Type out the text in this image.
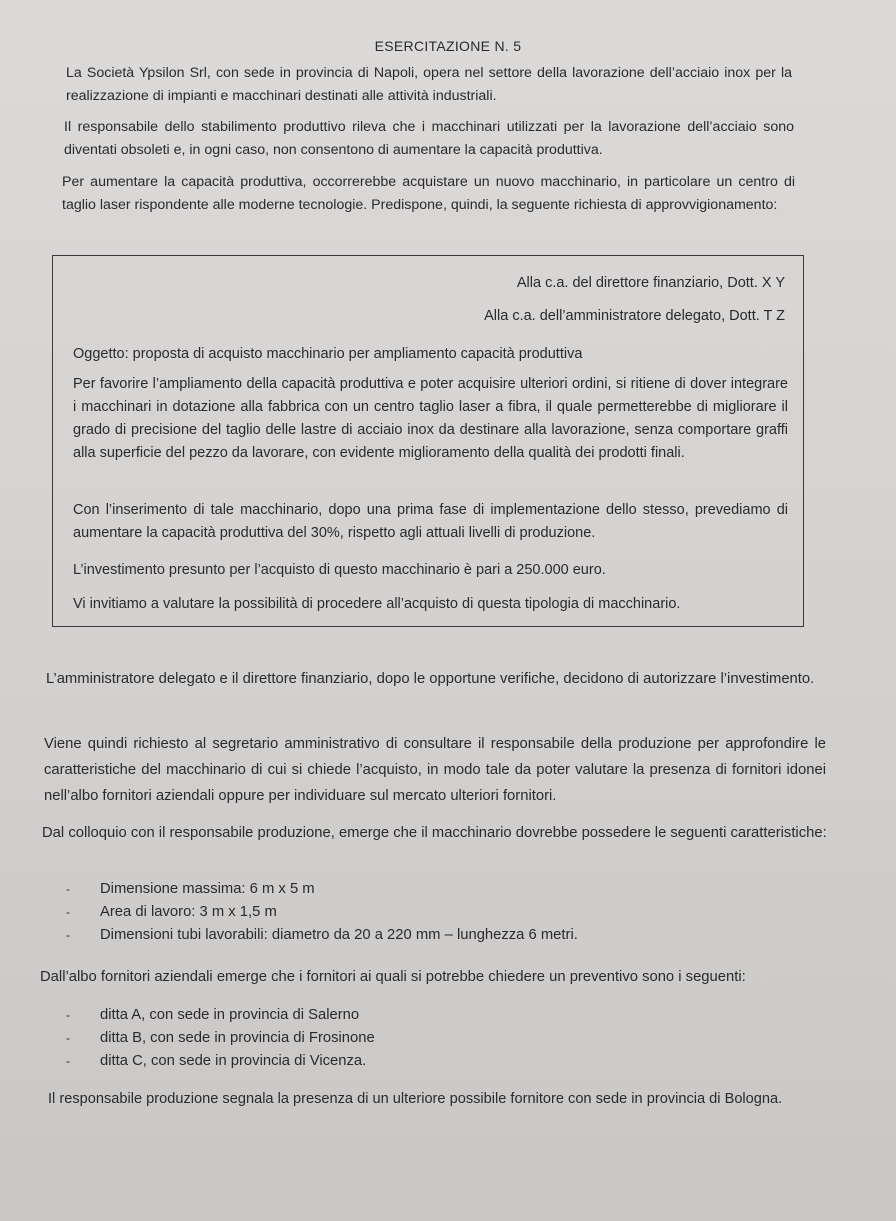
ESERCITAZIONE N. 5

La Società Ypsilon Srl, con sede in provincia di Napoli, opera nel settore della lavorazione dell’acciaio inox per la realizzazione di impianti e macchinari destinati alle attività industriali.

Il responsabile dello stabilimento produttivo rileva che i macchinari utilizzati per la lavorazione dell’acciaio sono diventati obsoleti e, in ogni caso, non consentono di aumentare la capacità produttiva.

Per aumentare la capacità produttiva, occorrerebbe acquistare un nuovo macchinario, in particolare un centro di taglio laser rispondente alle moderne tecnologie. Predispone, quindi, la seguente richiesta di approvvigionamento:

Alla c.a. del direttore finanziario, Dott. X Y
Alla c.a. dell’amministratore delegato, Dott. T Z
Oggetto: proposta di acquisto macchinario per ampliamento capacità produttiva

Per favorire l’ampliamento della capacità produttiva e poter acquisire ulteriori ordini, si ritiene di dover integrare i macchinari in dotazione alla fabbrica con un centro taglio laser a fibra, il quale permetterebbe di migliorare il grado di precisione del taglio delle lastre di acciaio inox da destinare alla lavorazione, senza comportare graffi alla superficie del pezzo da lavorare, con evidente miglioramento della qualità dei prodotti finali.

Con l’inserimento di tale macchinario, dopo una prima fase di implementazione dello stesso, prevediamo di aumentare la capacità produttiva del 30%, rispetto agli attuali livelli di produzione.

L’investimento presunto per l’acquisto di questo macchinario è pari a 250.000 euro.

Vi invitiamo a valutare la possibilità di procedere all’acquisto di questa tipologia di macchinario.

L’amministratore delegato e il direttore finanziario, dopo le opportune verifiche, decidono di autorizzare l’investimento.

Viene quindi richiesto al segretario amministrativo di consultare il responsabile della produzione per approfondire le caratteristiche del macchinario di cui si chiede l’acquisto, in modo tale da poter valutare la presenza di fornitori idonei nell’albo fornitori aziendali oppure per individuare sul mercato ulteriori fornitori.

Dal colloquio con il responsabile produzione, emerge che il macchinario dovrebbe possedere le seguenti caratteristiche:

- Dimensione massima: 6 m x 5 m
- Area di lavoro: 3 m x 1,5 m
- Dimensioni tubi lavorabili: diametro da 20 a 220 mm – lunghezza 6 metri.

Dall’albo fornitori aziendali emerge che i fornitori ai quali si potrebbe chiedere un preventivo sono i seguenti:

- ditta A, con sede in provincia di Salerno
- ditta B, con sede in provincia di Frosinone
- ditta C, con sede in provincia di Vicenza.

Il responsabile produzione segnala la presenza di un ulteriore possibile fornitore con sede in provincia di Bologna.
